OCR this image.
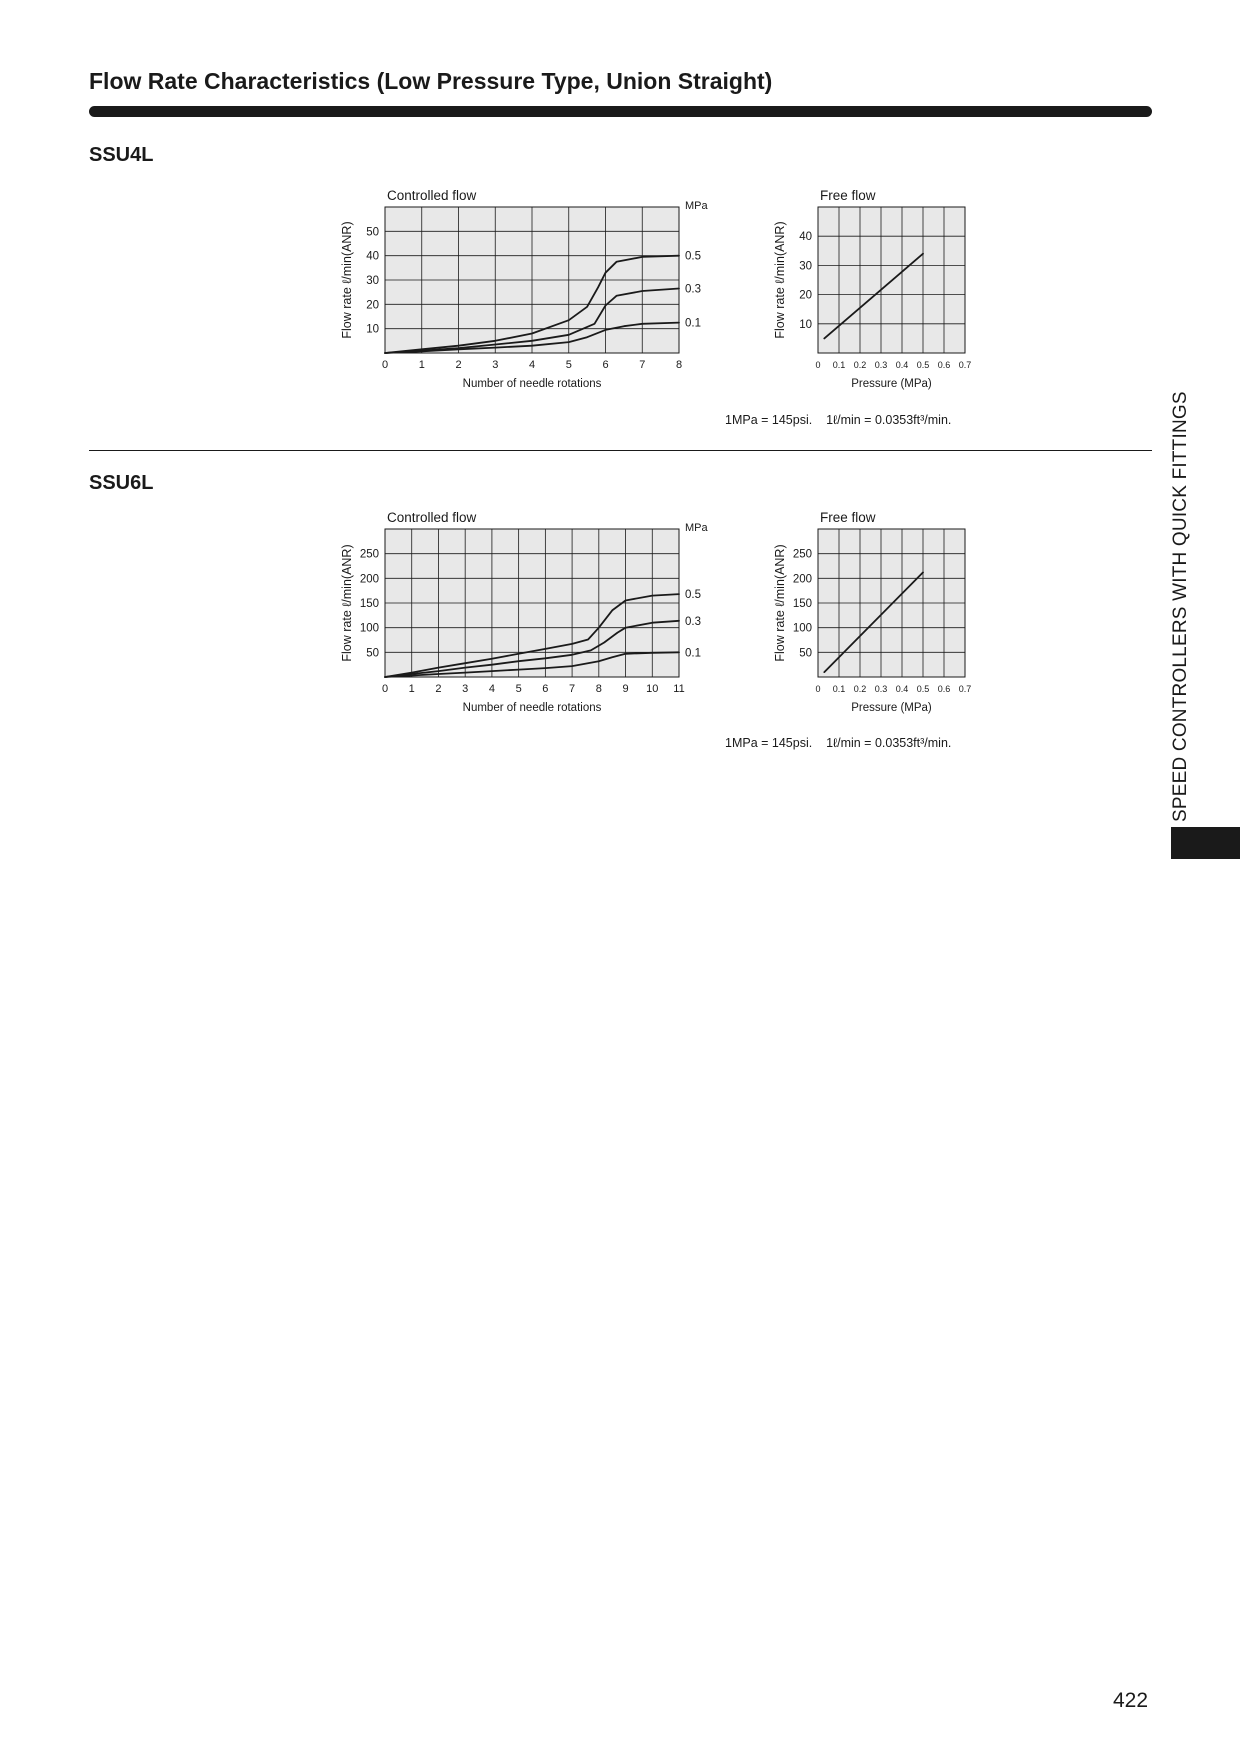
Flow Rate Characteristics (Low Pressure Type, Union Straight)
SSU4L
Controlled flow
MPa
0	1	2	3	4	5	6	7	8
Number of needle rotations
10
20
30
40
50
Flow rate ℓ/min(ANR)	0.5
0.3
0.1
Free flow
0 0.1 0.2 0.3 0.4 0.5 0.6 0.7
Pressure (MPa)
10
20
30
40
Flow rate ℓ/min(ANR)
1MPa = 145psi.    1ℓ/min = 0.0353ft³/min.
SSU6L
Controlled flow
MPa
0 1 2 3 4 5 6 7 8 9 10 11
Number of needle rotations
50
100
150
200
250
Flow rate ℓ/min(ANR)	0.5
0.3
0.1
Free flow
0 0.1 0.2 0.3 0.4 0.5 0.6 0.7
Pressure (MPa)
50
100
150
200
250
Flow rate ℓ/min(ANR)
1MPa = 145psi.    1ℓ/min = 0.0353ft³/min.	SPEED CONTROLLERS WITH QUICK FITTINGS
422
